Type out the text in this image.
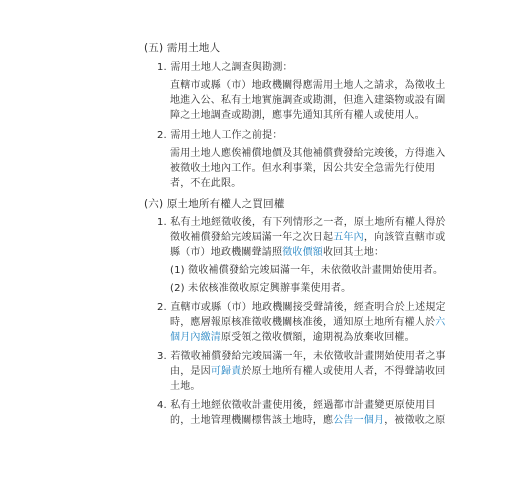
(五) 需用土地人
1. 需用土地人之調查與勘測：
直轄市或縣（市）地政機關得應需用土地人之請求，為徵收土
地進入公、私有土地實施調查或勘測，但進入建築物或設有圍
障之土地調查或勘測，應事先通知其所有權人或使用人。
2. 需用土地人工作之前提：
需用土地人應俟補償地價及其他補償費發給完竣後，方得進入
被徵收土地內工作。但水利事業，因公共安全急需先行使用
者，不在此限。
(六) 原土地所有權人之買回權
1. 私有土地經徵收後，有下列情形之一者，原土地所有權人得於
徵收補償發給完竣屆滿一年之次日起五年內，向該管直轄市或
縣（市）地政機關聲請照徵收價額收回其土地：
(1) 徵收補償發給完竣屆滿一年，未依徵收計畫開始使用者。
(2) 未依核准徵收原定興辦事業使用者。
2. 直轄市或縣（市）地政機關接受聲請後，經查明合於上述規定
時，應層報原核准徵收機關核准後，通知原土地所有權人於六
個月內繳清原受領之徵收價額，逾期視為放棄收回權。
3. 若徵收補償發給完竣屆滿一年，未依徵收計畫開始使用者之事
由，是因可歸責於原土地所有權人或使用人者，不得聲請收回
土地。
4. 私有土地經依徵收計畫使用後，經過都市計畫變更原使用目
的，土地管理機關標售該土地時，應公告一個月，被徵收之原
